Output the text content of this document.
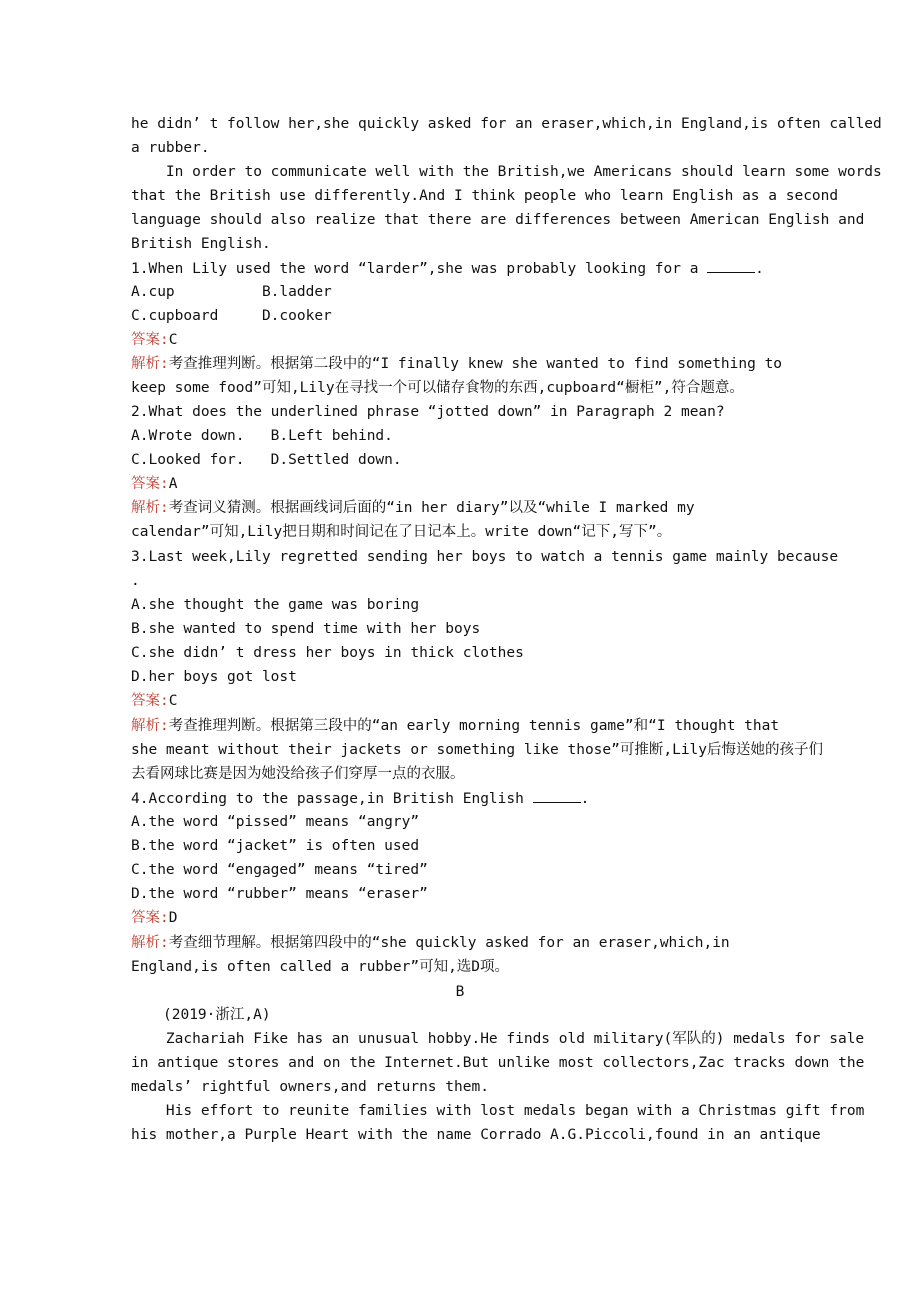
he didn’ t follow her,she quickly asked for an eraser,which,in England,is often called

a rubber.

In order to communicate well with the British,we Americans should learn some words

that the British use differently.And I think people who learn English as a second

language should also realize that there are differences between American English and

British English.

1.When Lily used the word “larder”,she was probably looking for a	.

A.cup          B.ladder

C.cupboard     D.cooker

答案:C

解析:考查推理判断。根据第二段中的“I finally knew she wanted to find something to

keep some food”可知,Lily在寻找一个可以储存食物的东西,cupboard“橱柜”,符合题意。

2.What does the underlined phrase “jotted down” in Paragraph 2 mean?

A.Wrote down.   B.Left behind.

C.Looked for.   D.Settled down.

答案:A

解析:考查词义猜测。根据画线词后面的“in her diary”以及“while I marked my

calendar”可知,Lily把日期和时间记在了日记本上。write down“记下,写下”。

3.Last week,Lily regretted sending her boys to watch a tennis game mainly because

.

A.she thought the game was boring

B.she wanted to spend time with her boys

C.she didn’ t dress her boys in thick clothes

D.her boys got lost

答案:C

解析:考查推理判断。根据第三段中的“an early morning tennis game”和“I thought that

she meant without their jackets or something like those”可推断,Lily后悔送她的孩子们

去看网球比赛是因为她没给孩子们穿厚一点的衣服。

4.According to the passage,in British English	.

A.the word “pissed” means “angry”

B.the word “jacket” is often used

C.the word “engaged” means “tired”

D.the word “rubber” means “eraser”

答案:D

解析:考查细节理解。根据第四段中的“she quickly asked for an eraser,which,in

England,is often called a rubber”可知,选D项。

B

(2019·浙江,A)

Zachariah Fike has an unusual hobby.He finds old military(军队的) medals for sale

in antique stores and on the Internet.But unlike most collectors,Zac tracks down the

medals’ rightful owners,and returns them.

His effort to reunite families with lost medals began with a Christmas gift from

his mother,a Purple Heart with the name Corrado A.G.Piccoli,found in an antique
